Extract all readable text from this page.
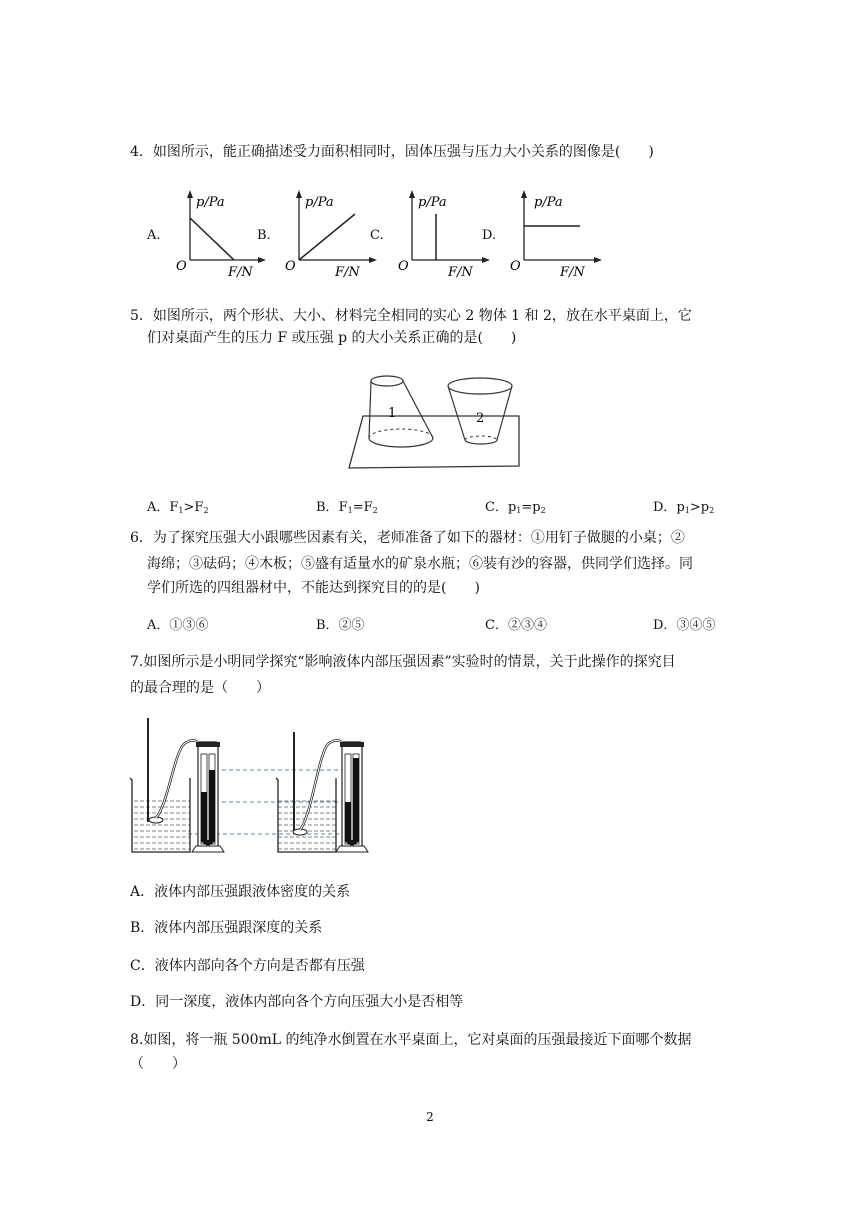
4．如图所示，能正确描述受力面积相同时，固体压强与压力大小关系的图像是(　　)
A.	B.	C.	D.
p/Pa
O	F/N
p/Pa
O	F/N
p/Pa
O	F/N
p/Pa
O	F/N
5．如图所示，两个形状、大小、材料完全相同的实心 2 物体 1 和 2，放在水平桌面上，它
们对桌面产生的压力 F 或压强 p 的大小关系正确的是(　　)
1	2
A．$F_1>F_2$	B．$F_1=F_2$	C．$p_1=p_2$	D．$p_1>p_2$
6．为了探究压强大小跟哪些因素有关，老师准备了如下的器材：①用钉子做腿的小桌；②
海绵；③砝码；④木板；⑤盛有适量水的矿泉水瓶；⑥装有沙的容器，供同学们选择。同
学们所选的四组器材中，不能达到探究目的的是(　　)
A．①③⑥	B．②⑤	C．②③④	D．③④⑤
7.如图所示是小明同学探究“影响液体内部压强因素”实验时的情景，关于此操作的探究目
的最合理的是（　　）
A．液体内部压强跟液体密度的关系
B．液体内部压强跟深度的关系
C．液体内部向各个方向是否都有压强
D．同一深度，液体内部向各个方向压强大小是否相等
8.如图，将一瓶 500mL 的纯净水倒置在水平桌面上，它对桌面的压强最接近下面哪个数据
（　　）
2
